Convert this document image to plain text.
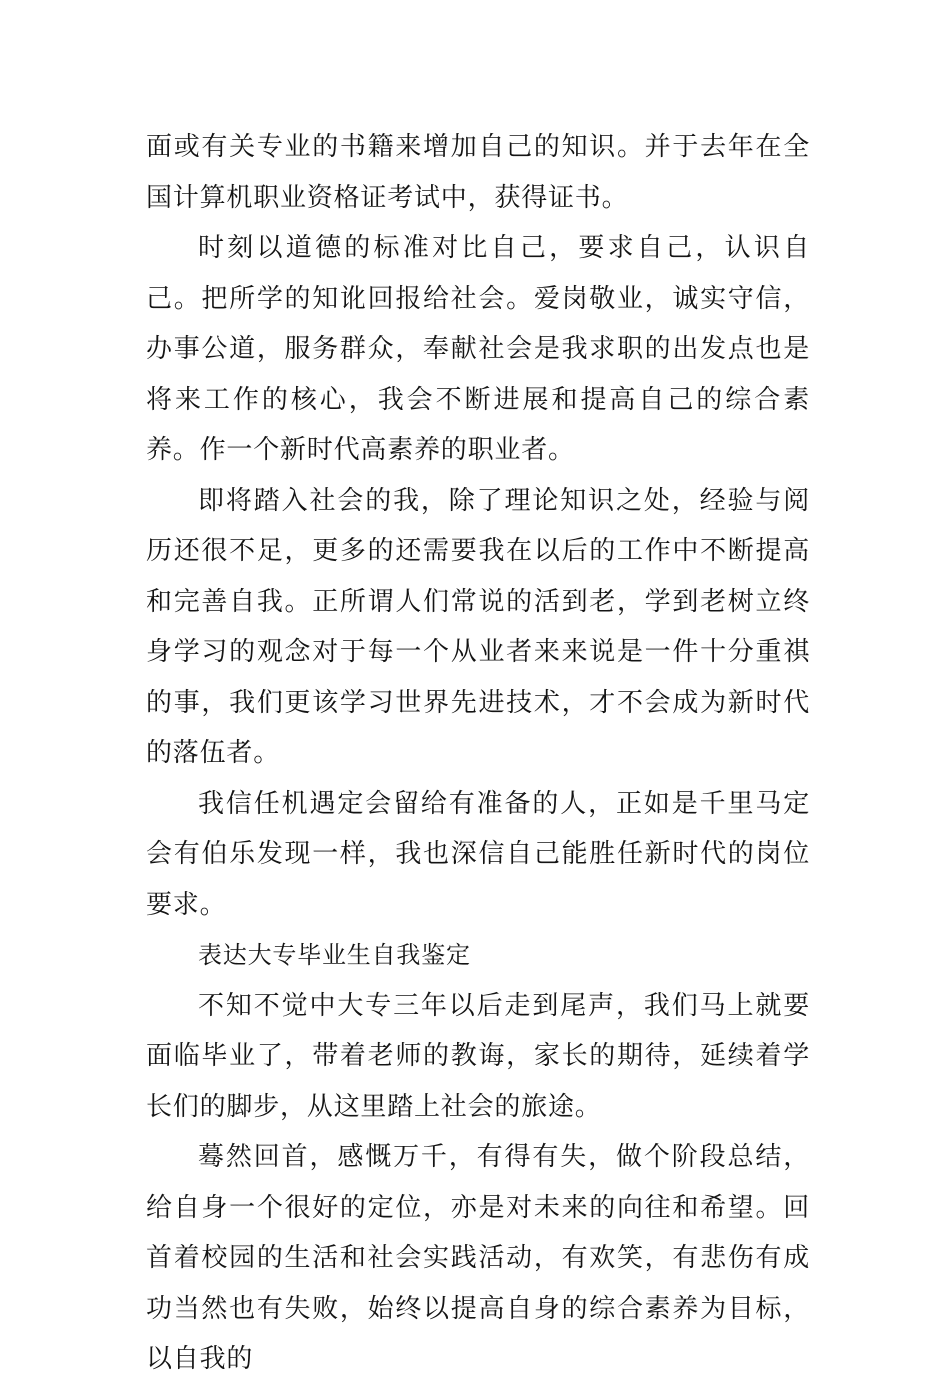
面或有关专业的书籍来增加自己的知识。并于去年在全国计算机职业资格证考试中，获得证书。

时刻以道德的标准对比自己，要求自己，认识自己。把所学的知讹回报给社会。爱岗敬业，诚实守信，办事公道，服务群众，奉献社会是我求职的出发点也是将来工作的核心，我会不断进展和提高自己的综合素养。作一个新时代高素养的职业者。

即将踏入社会的我，除了理论知识之处，经验与阅历还很不足，更多的还需要我在以后的工作中不断提高和完善自我。正所谓人们常说的活到老，学到老树立终身学习的观念对于每一个从业者来来说是一件十分重祺的事，我们更该学习世界先进技术，才不会成为新时代的落伍者。

我信任机遇定会留给有准备的人，正如是千里马定会有伯乐发现一样，我也深信自己能胜任新时代的岗位要求。

表达大专毕业生自我鉴定

不知不觉中大专三年以后走到尾声，我们马上就要面临毕业了，带着老师的教诲，家长的期待，延续着学长们的脚步，从这里踏上社会的旅途。

蓦然回首，感慨万千，有得有失，做个阶段总结，给自身一个很好的定位，亦是对未来的向往和希望。回首着校园的生活和社会实践活动，有欢笑，有悲伤有成功当然也有失败，始终以提高自身的综合素养为目标，以自我的
